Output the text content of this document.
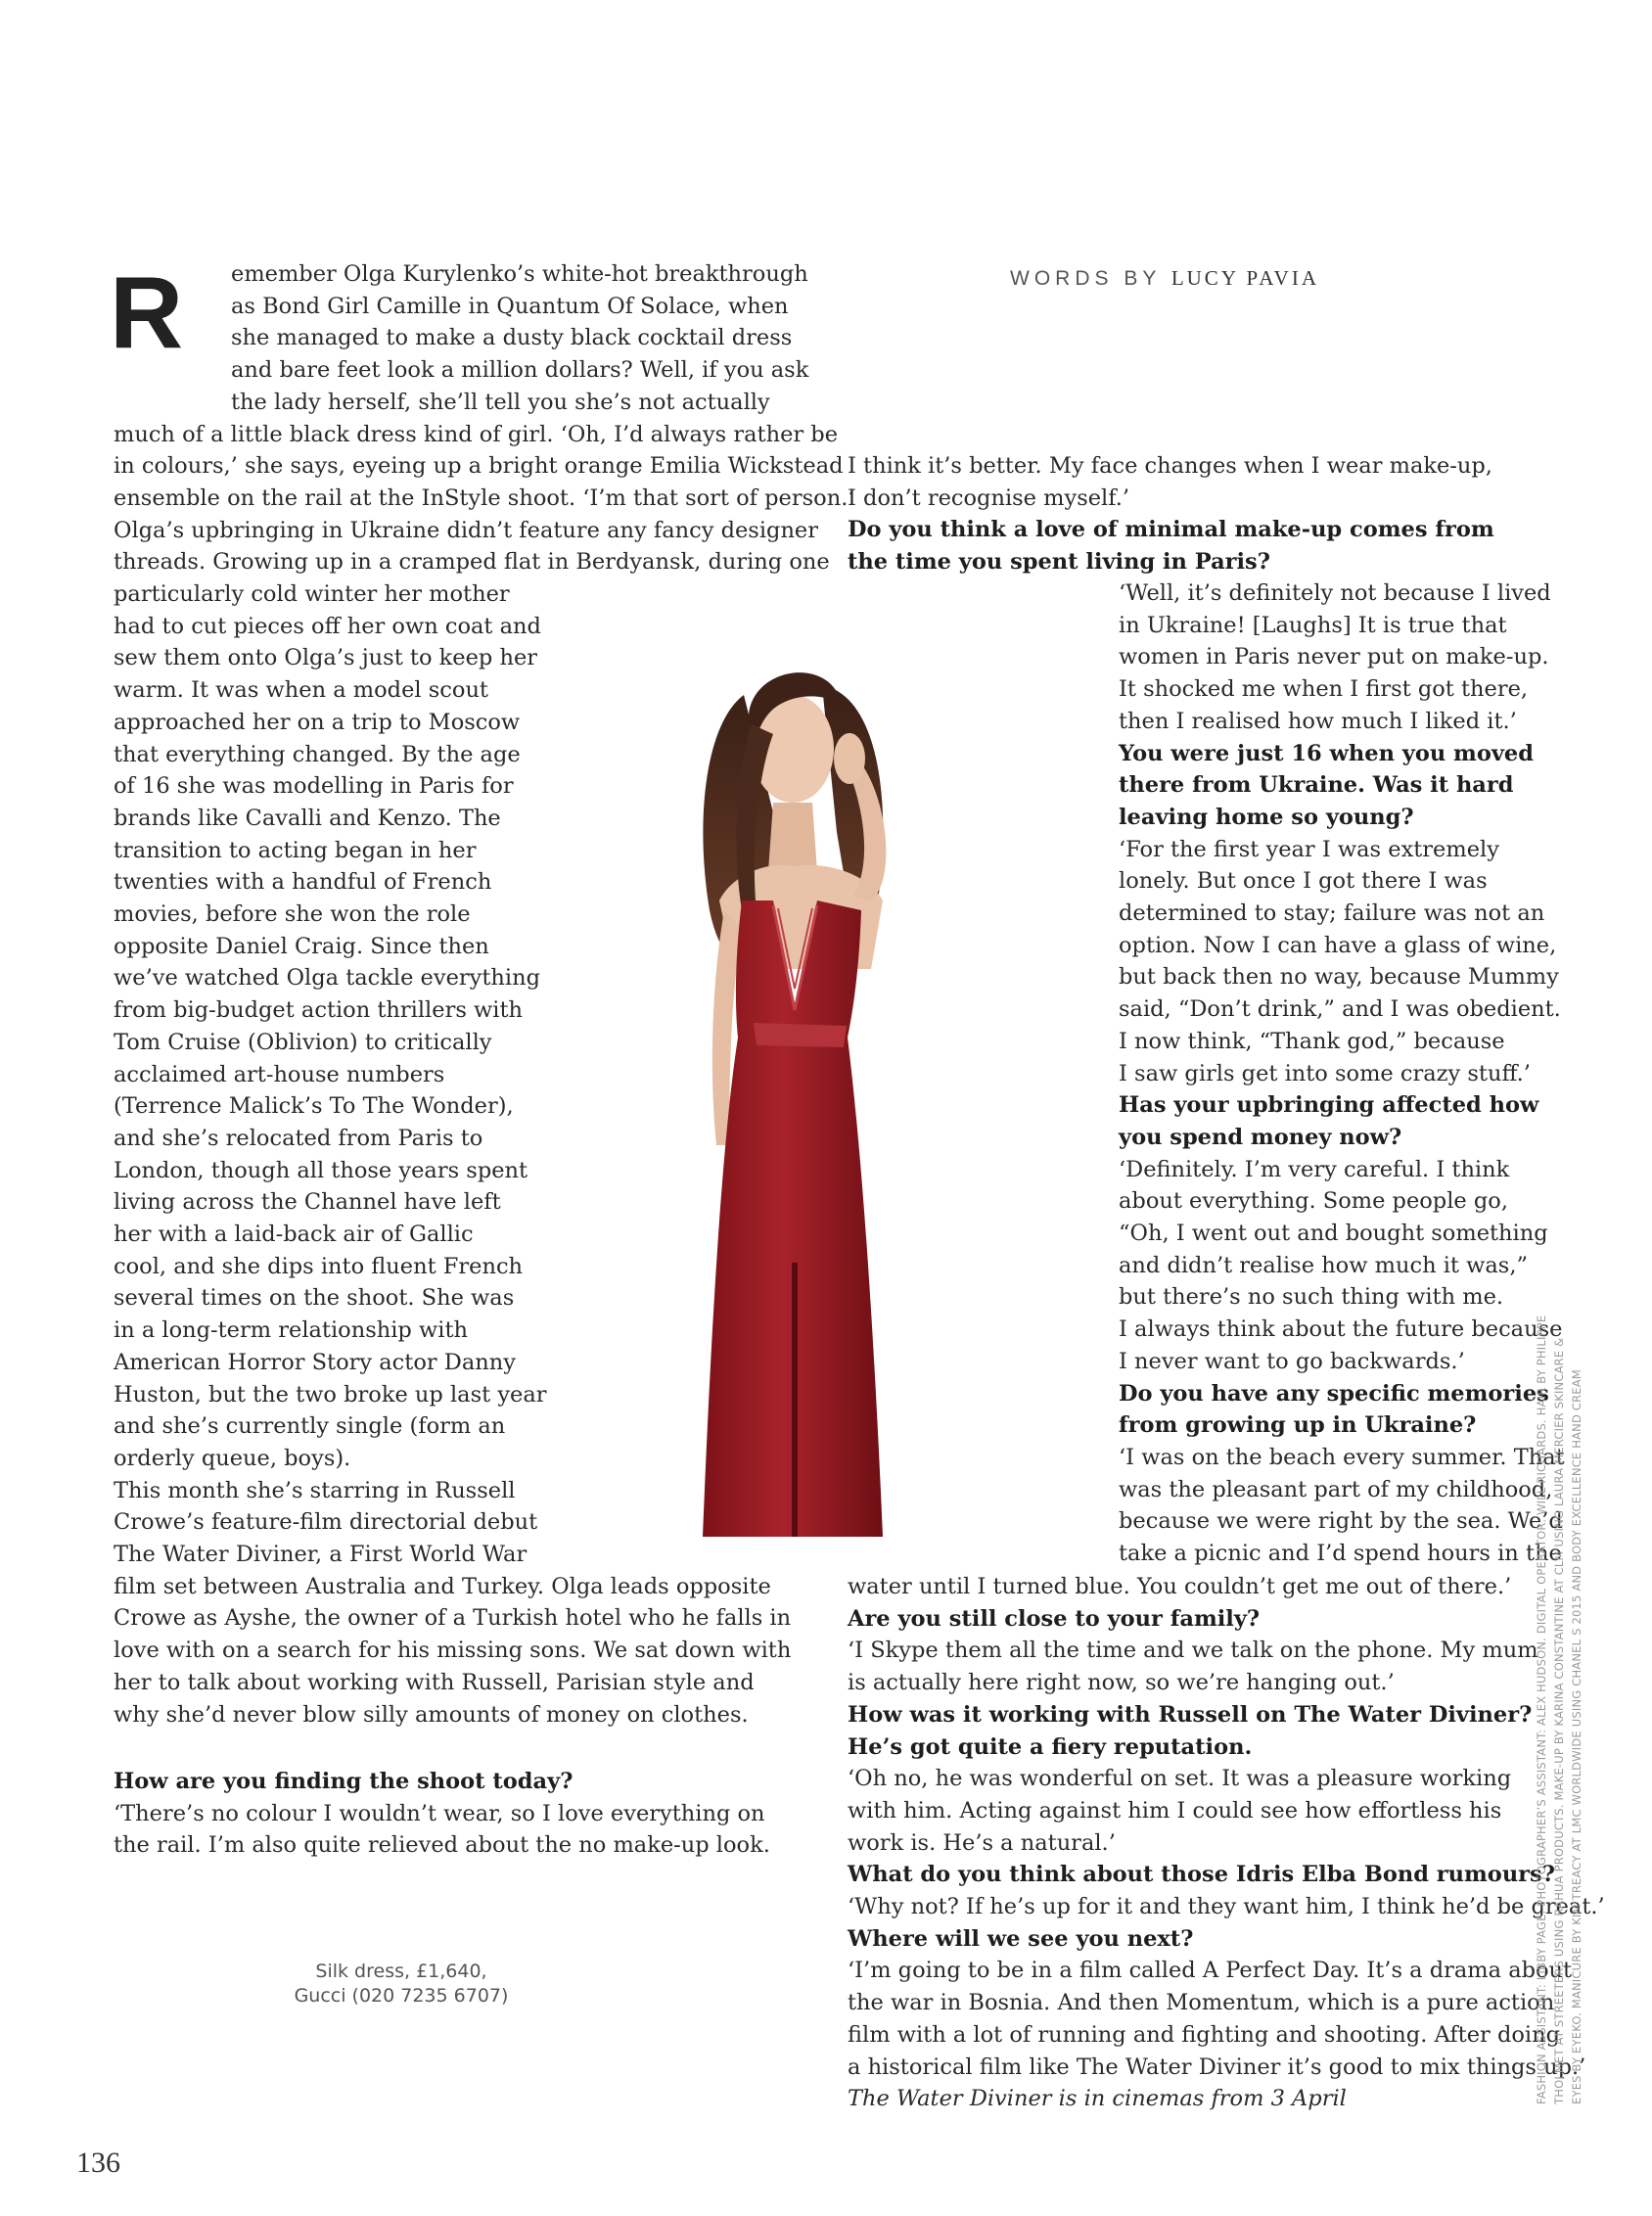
WORDS BY LUCY PAVIA
R emember Olga Kurylenko’s white-hot breakthrough
as Bond Girl Camille in Quantum Of Solace, when
she managed to make a dusty black cocktail dress
and bare feet look a million dollars? Well, if you ask
the lady herself, she’ll tell you she’s not actually
much of a little black dress kind of girl. ‘Oh, I’d always rather be
in colours,’ she says, eyeing up a bright orange Emilia Wickstead
ensemble on the rail at the InStyle shoot. ‘I’m that sort of person.’
Olga’s upbringing in Ukraine didn’t feature any fancy designer
threads. Growing up in a cramped flat in Berdyansk, during one
particularly cold winter her mother
had to cut pieces off her own coat and
sew them onto Olga’s just to keep her
warm. It was when a model scout
approached her on a trip to Moscow
that everything changed. By the age
of 16 she was modelling in Paris for
brands like Cavalli and Kenzo. The
transition to acting began in her
twenties with a handful of French
movies, before she won the role
opposite Daniel Craig. Since then
we’ve watched Olga tackle everything
from big-budget action thrillers with
Tom Cruise (Oblivion) to critically
acclaimed art-house numbers
(Terrence Malick’s To The Wonder),
and she’s relocated from Paris to
London, though all those years spent
living across the Channel have left
her with a laid-back air of Gallic
cool, and she dips into fluent French
several times on the shoot. She was
in a long-term relationship with
American Horror Story actor Danny
Huston, but the two broke up last year
and she’s currently single (form an
orderly queue, boys).
This month she’s starring in Russell
Crowe’s feature-film directorial debut
The Water Diviner, a First World War
film set between Australia and Turkey. Olga leads opposite
Crowe as Ayshe, the owner of a Turkish hotel who he falls in
love with on a search for his missing sons. We sat down with
her to talk about working with Russell, Parisian style and
why she’d never blow silly amounts of money on clothes.
How are you finding the shoot today?
‘There’s no colour I wouldn’t wear, so I love everything on
the rail. I’m also quite relieved about the no make-up look.
I think it’s better. My face changes when I wear make-up,
I don’t recognise myself.’
Do you think a love of minimal make-up comes from
the time you spent living in Paris?
‘Well, it’s definitely not because I lived
in Ukraine! [Laughs] It is true that
women in Paris never put on make-up.
It shocked me when I first got there,
then I realised how much I liked it.’
You were just 16 when you moved
there from Ukraine. Was it hard
leaving home so young?
‘For the first year I was extremely
lonely. But once I got there I was
determined to stay; failure was not an
option. Now I can have a glass of wine,
but back then no way, because Mummy
said, “Don’t drink,” and I was obedient.
I now think, “Thank god,” because
I saw girls get into some crazy stuff.’
Has your upbringing affected how
you spend money now?
‘Definitely. I’m very careful. I think
about everything. Some people go,
“Oh, I went out and bought something
and didn’t realise how much it was,”
but there’s no such thing with me.
I always think about the future because
I never want to go backwards.’
Do you have any specific memories
from growing up in Ukraine?
‘I was on the beach every summer. That
was the pleasant part of my childhood,
because we were right by the sea. We’d
take a picnic and I’d spend hours in the
water until I turned blue. You couldn’t get me out of there.’
Are you still close to your family?
‘I Skype them all the time and we talk on the phone. My mum
is actually here right now, so we’re hanging out.’
How was it working with Russell on The Water Diviner?
He’s got quite a fiery reputation.
‘Oh no, he was wonderful on set. It was a pleasure working
with him. Acting against him I could see how effortless his
work is. He’s a natural.’
What do you think about those Idris Elba Bond rumours?
‘Why not? If he’s up for it and they want him, I think he’d be great.’
Where will we see you next?
‘I’m going to be in a film called A Perfect Day. It’s a drama about
the war in Bosnia. And then Momentum, which is a pure action
film with a lot of running and fighting and shooting. After doing
a historical film like The Water Diviner it’s good to mix things up.’
The Water Diviner is in cinemas from 3 April
Silk dress, £1,640,
Gucci (020 7235 6707)
136
FASHION ASSISTANT: LIBBY PAGE. PHOTOGRAPHER’S ASSISTANT: ALEX HUDSON. DIGITAL OPERATOR: WILL RICHARDS. HAIR BY PHILIPPE THOLMET AT STREETERS USING RAHUA PRODUCTS. MAKE-UP BY KARINA CONSTANTINE AT CLM USING LAURA MERCIER SKINCARE & EYES BY EYEKO. MANICURE BY KIM TREACY AT LMC WORLDWIDE USING CHANEL S 2015 AND BODY EXCELLENCE HAND CREAM
